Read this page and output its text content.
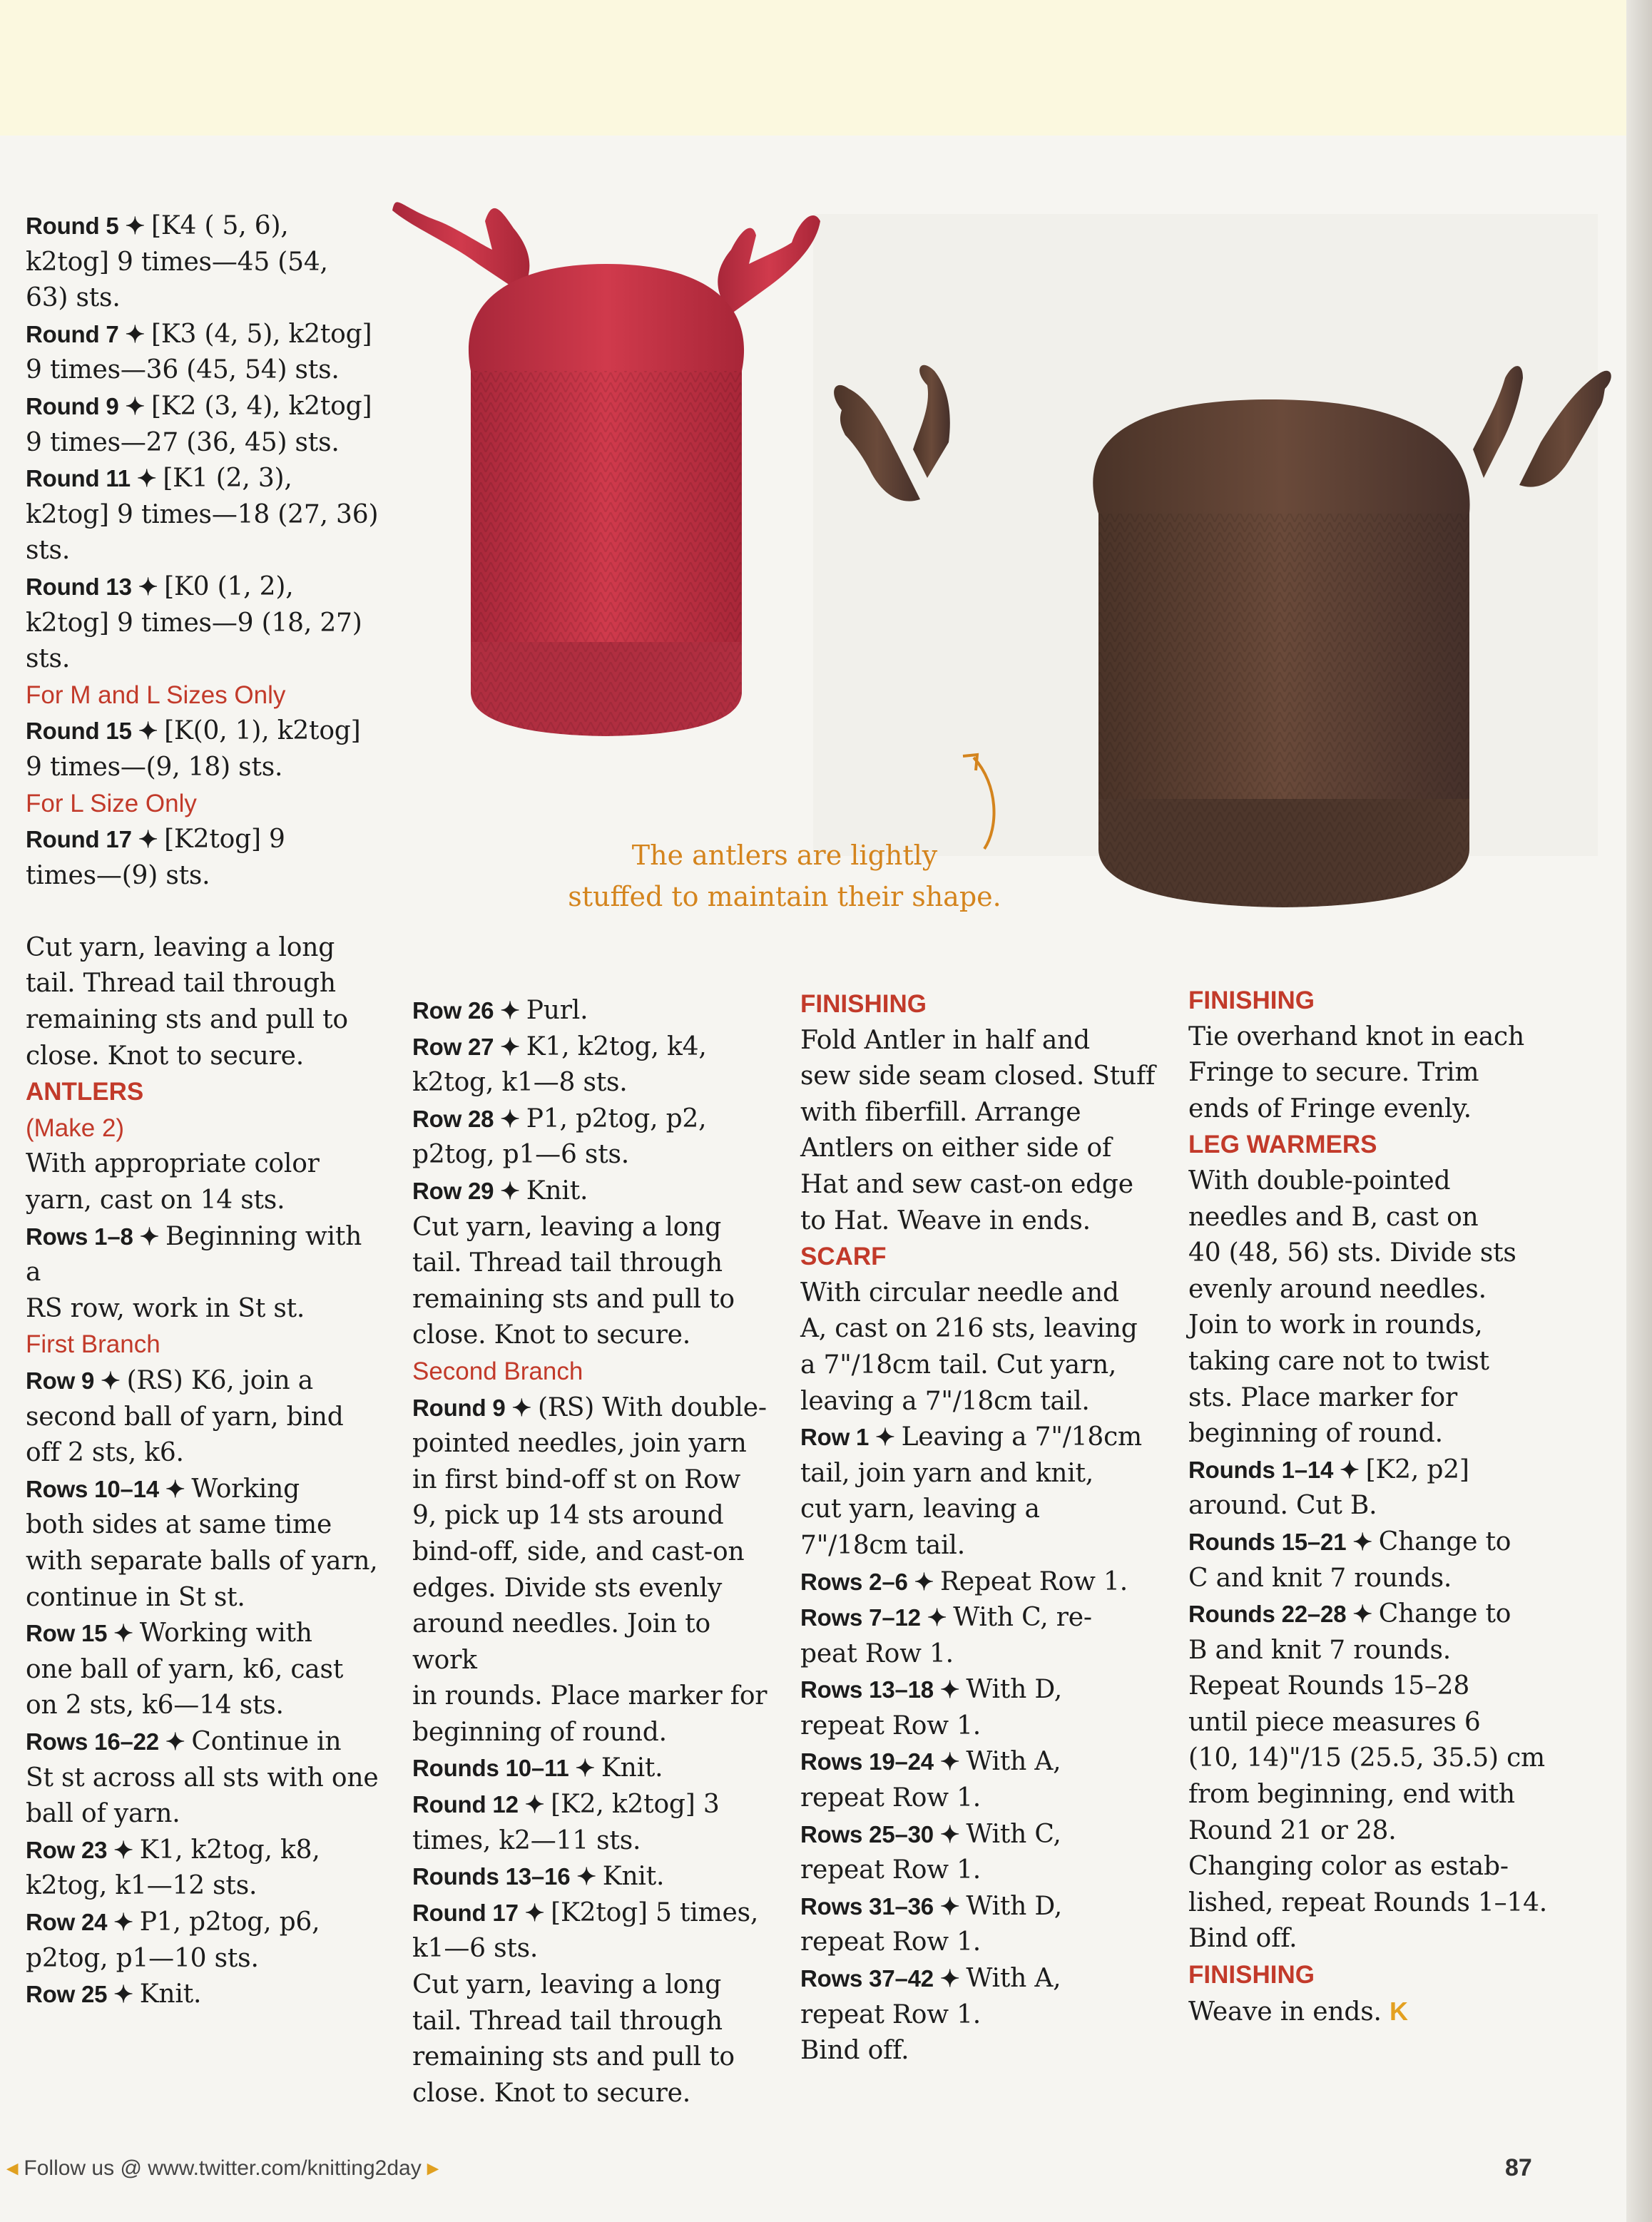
The antlers are lightly
stuffed to maintain their shape.

Round 5 ✦ [K4 ( 5, 6),

k2tog] 9 times—45 (54,

63) sts.

Round 7 ✦ [K3 (4, 5), k2tog]

9 times—36 (45, 54) sts.

Round 9 ✦ [K2 (3, 4), k2tog]

9 times—27 (36, 45) sts.

Round 11 ✦ [K1 (2, 3),

k2tog] 9 times—18 (27, 36)

sts.

Round 13 ✦ [K0 (1, 2),

k2tog] 9 times—9 (18, 27)

sts.

For M and L Sizes Only

Round 15 ✦ [K(0, 1), k2tog]

9 times—(9, 18) sts.

For L Size Only

Round 17 ✦ [K2tog] 9

times—(9) sts.

Cut yarn, leaving a long

tail. Thread tail through

remaining sts and pull to

close. Knot to secure.

ANTLERS
(Make 2)

With appropriate color

yarn, cast on 14 sts.

Rows 1–8 ✦ Beginning with a

RS row, work in St st.

First Branch

Row 9 ✦ (RS) K6, join a

second ball of yarn, bind

off 2 sts, k6.

Rows 10–14 ✦ Working

both sides at same time

with separate balls of yarn,

continue in St st.

Row 15 ✦ Working with

one ball of yarn, k6, cast

on 2 sts, k6—14 sts.

Rows 16–22 ✦ Continue in

St st across all sts with one

ball of yarn.

Row 23 ✦ K1, k2tog, k8,

k2tog, k1—12 sts.

Row 24 ✦ P1, p2tog, p6,

p2tog, p1—10 sts.

Row 25 ✦ Knit.

Row 26 ✦ Purl.

Row 27 ✦ K1, k2tog, k4,

k2tog, k1—8 sts.

Row 28 ✦ P1, p2tog, p2,

p2tog, p1—6 sts.

Row 29 ✦ Knit.

Cut yarn, leaving a long

tail. Thread tail through

remaining sts and pull to

close. Knot to secure.

Second Branch

Round 9 ✦ (RS) With double-

pointed needles, join yarn

in first bind-off st on Row

9, pick up 14 sts around

bind-off, side, and cast-on

edges. Divide sts evenly

around needles. Join to work

in rounds. Place marker for

beginning of round.

Rounds 10–11 ✦ Knit.

Round 12 ✦ [K2, k2tog] 3

times, k2—11 sts.

Rounds 13–16 ✦ Knit.

Round 17 ✦ [K2tog] 5 times,

k1—6 sts.

Cut yarn, leaving a long

tail. Thread tail through

remaining sts and pull to

close. Knot to secure.

FINISHING

Fold Antler in half and

sew side seam closed. Stuff

with fiberfill. Arrange

Antlers on either side of

Hat and sew cast-on edge

to Hat. Weave in ends.

SCARF

With circular needle and

A, cast on 216 sts, leaving

a 7"/18cm tail. Cut yarn,

leaving a 7"/18cm tail.

Row 1 ✦ Leaving a 7"/18cm

tail, join yarn and knit,

cut yarn, leaving a

7"/18cm tail.

Rows 2–6 ✦ Repeat Row 1.

Rows 7–12 ✦ With C, re-

peat Row 1.

Rows 13–18 ✦ With D,

repeat Row 1.

Rows 19–24 ✦ With A,

repeat Row 1.

Rows 25–30 ✦ With C,

repeat Row 1.

Rows 31–36 ✦ With D,

repeat Row 1.

Rows 37–42 ✦ With A,

repeat Row 1.

Bind off.

FINISHING

Tie overhand knot in each

Fringe to secure. Trim

ends of Fringe evenly.

LEG WARMERS

With double-pointed

needles and B, cast on

40 (48, 56) sts. Divide sts

evenly around needles.

Join to work in rounds,

taking care not to twist

sts. Place marker for

beginning of round.

Rounds 1–14 ✦ [K2, p2]

around. Cut B.

Rounds 15–21 ✦ Change to

C and knit 7 rounds.

Rounds 22–28 ✦ Change to

B and knit 7 rounds.

Repeat Rounds 15–28

until piece measures 6

(10, 14)"/15 (25.5, 35.5) cm

from beginning, end with

Round 21 or 28.

Changing color as estab-

lished, repeat Rounds 1–14.

Bind off.

FINISHING

Weave in ends. K

◂ Follow us @ www.twitter.com/knitting2day ▸	87
